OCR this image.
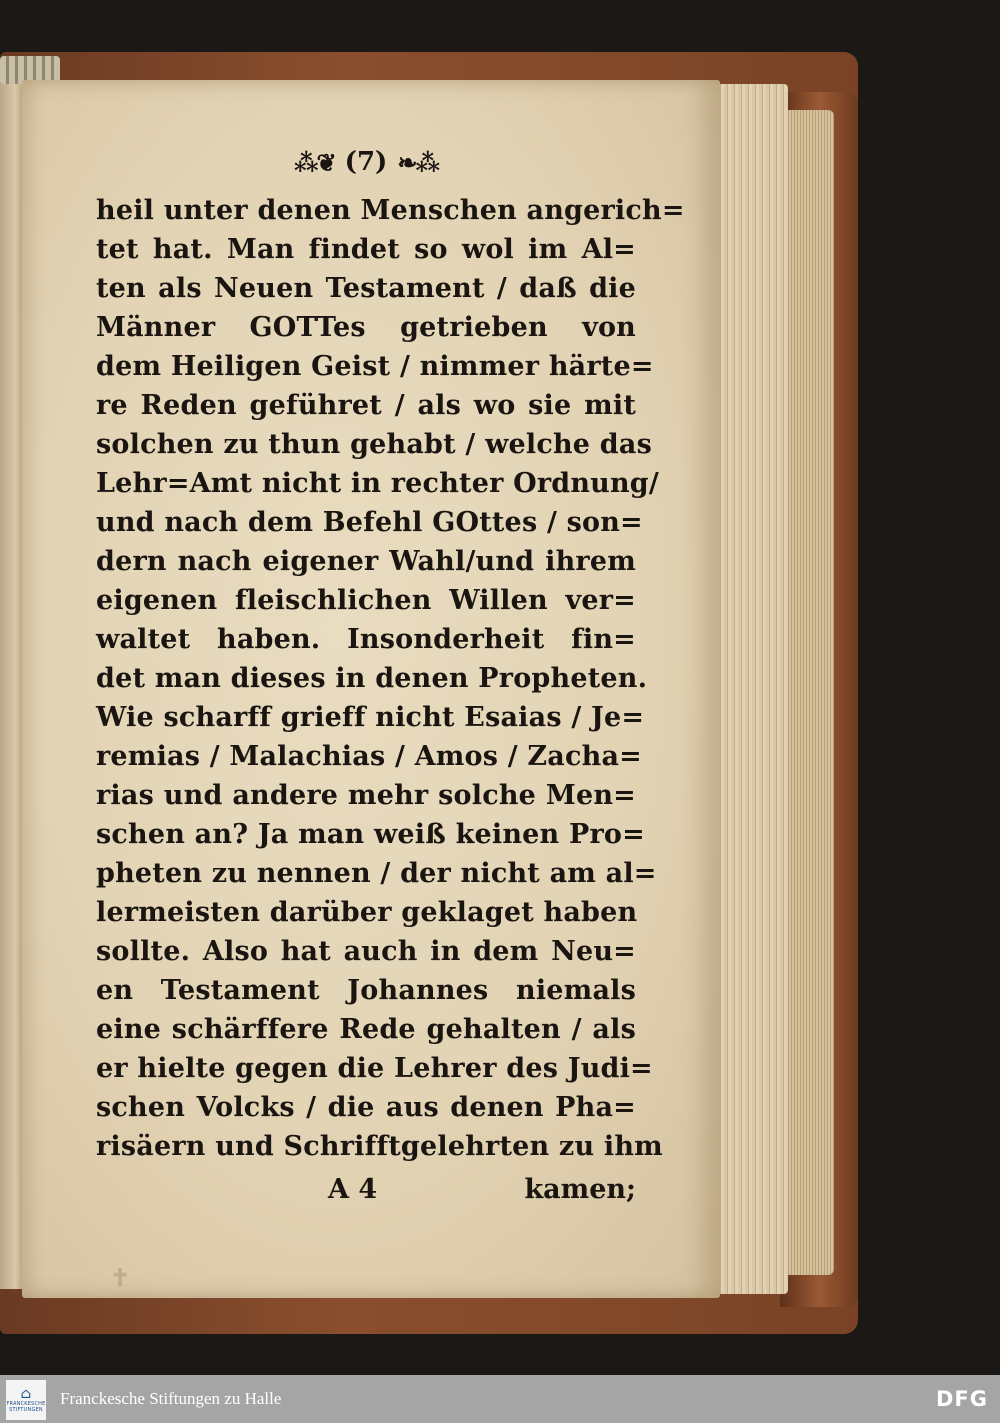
✝
⁂❦ (7) ❧⁂
heil unter denen Menschen angerich=
tet hat. Man findet so wol im Al=
ten als Neuen Testament / daß die
Männer GOTTes getrieben von
dem Heiligen Geist / nimmer härte=
re Reden geführet / als wo sie mit
solchen zu thun gehabt / welche das
Lehr=Amt nicht in rechter Ordnung/
und nach dem Befehl GOttes / son=
dern nach eigener Wahl/und ihrem
eigenen fleischlichen Willen ver=
waltet haben. Insonderheit fin=
det man dieses in denen Propheten.
Wie scharff grieff nicht Esaias / Je=
remias / Malachias / Amos / Zacha=
rias und andere mehr solche Men=
schen an? Ja man weiß keinen Pro=
pheten zu nennen / der nicht am al=
lermeisten darüber geklaget haben
sollte. Also hat auch in dem Neu=
en Testament Johannes niemals
eine schärffere Rede gehalten / als
er hielte gegen die Lehrer des Judi=
schen Volcks / die aus denen Pha=
risäern und Schrifftgelehrten zu ihm
A 4	kamen;
⌂
FRANCKESCHE STIFTUNGEN
Franckesche Stiftungen zu Halle	DFG
